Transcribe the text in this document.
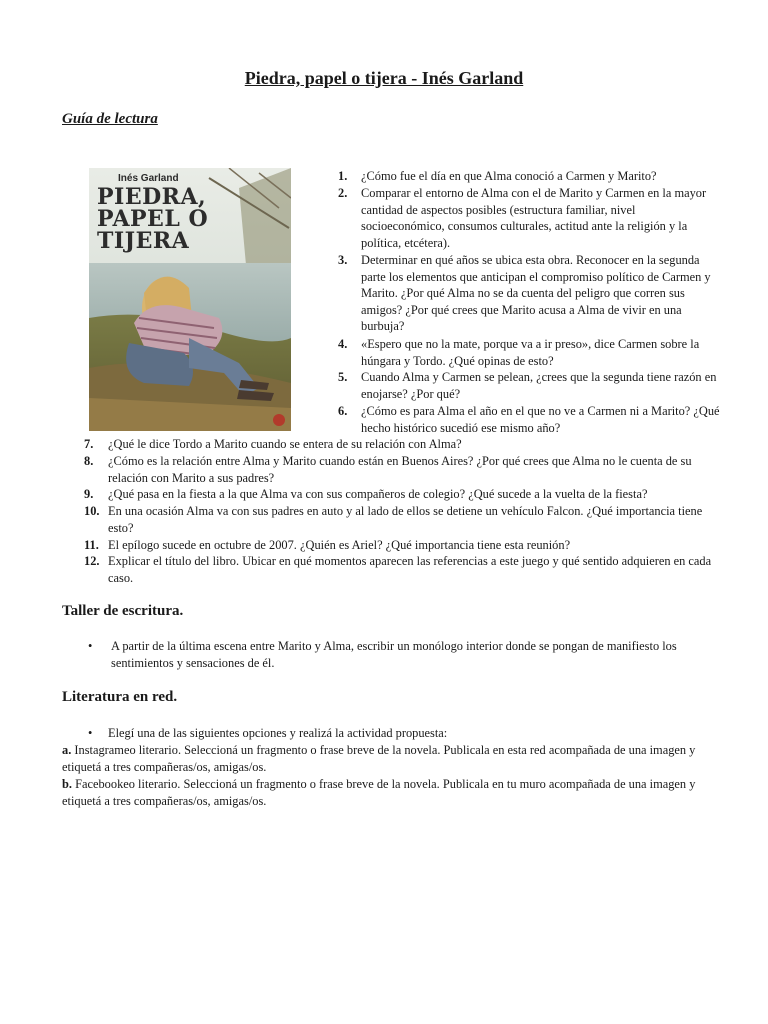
Piedra, papel o tijera - Inés Garland
Guía de lectura
Inés Garland
PIEDRA,
PAPEL O
TIJERA
1. ¿Cómo fue el día en que Alma conoció a Carmen y Marito?
2. Comparar el entorno de Alma con el de Marito y Carmen en la mayor cantidad de aspectos posibles (estructura familiar, nivel socioeconómico, consumos culturales, actitud ante la religión y la política, etcétera).
3. Determinar en qué años se ubica esta obra. Reconocer en la segunda parte los elementos que anticipan el compromiso político de Carmen y Marito. ¿Por qué Alma no se da cuenta del peligro que corren sus amigos? ¿Por qué crees que Marito acusa a Alma de vivir en una burbuja?
4. «Espero que no la mate, porque va a ir preso», dice Carmen sobre la húngara y Tordo. ¿Qué opinas de esto?
5. Cuando Alma y Carmen se pelean, ¿crees que la segunda tiene razón en enojarse? ¿Por qué?
6. ¿Cómo es para Alma el año en el que no ve a Carmen ni a Marito? ¿Qué hecho histórico sucedió ese mismo año?
7. ¿Qué le dice Tordo a Marito cuando se entera de su relación con Alma?
8. ¿Cómo es la relación entre Alma y Marito cuando están en Buenos Aires? ¿Por qué crees que Alma no le cuenta de su relación con Marito a sus padres?
9. ¿Qué pasa en la fiesta a la que Alma va con sus compañeros de colegio? ¿Qué sucede a la vuelta de la fiesta?
10. En una ocasión Alma va con sus padres en auto y al lado de ellos se detiene un vehículo Falcon. ¿Qué importancia tiene esto?
11. El epílogo sucede en octubre de 2007. ¿Quién es Ariel? ¿Qué importancia tiene esta reunión?
12. Explicar el título del libro. Ubicar en qué momentos aparecen las referencias a este juego y qué sentido adquieren en cada caso.
Taller de escritura.
• A partir de la última escena entre Marito y Alma, escribir un monólogo interior donde se pongan de manifiesto los sentimientos y sensaciones de él.
Literatura en red.
• Elegí una de las siguientes opciones y realizá la actividad propuesta:
a. Instagrameo literario. Seleccioná un fragmento o frase breve de la novela. Publicala en esta red acompañada de una imagen y etiquetá a tres compañeras/os, amigas/os.
b. Facebookeo literario. Seleccioná un fragmento o frase breve de la novela. Publicala en tu muro acompañada de una imagen y etiquetá a tres compañeras/os, amigas/os.
